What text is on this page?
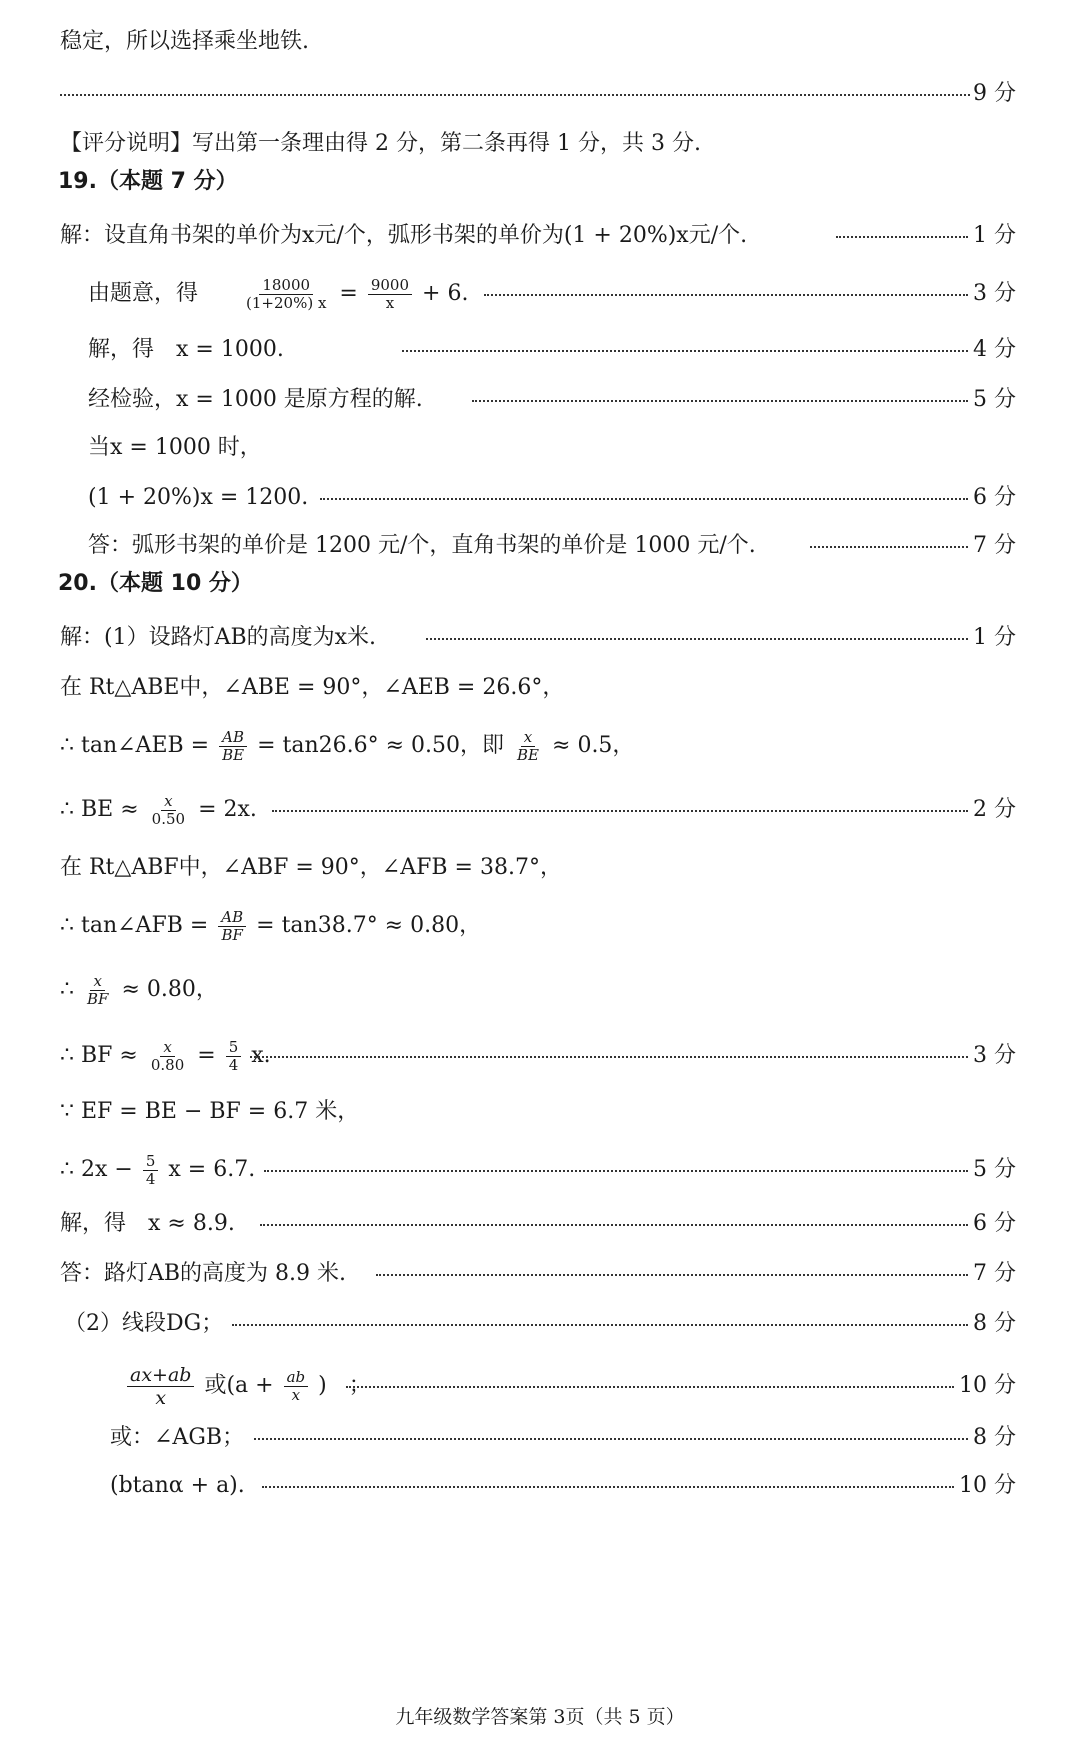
稳定，所以选择乘坐地铁.
9 分
【评分说明】写出第一条理由得 2 分，第二条再得 1 分，共 3 分.
19.（本题 7 分）
解：设直角书架的单价为x元/个，弧形书架的单价为(1 + 20%)x元/个.	1 分
由题意，得	$\frac{18000}{(1+20\%) x} = \frac{9000}{x} + 6$.	3 分
解，得　x = 1000.	4 分
经检验，x = 1000 是原方程的解.	5 分
当x = 1000 时，
(1 + 20%)x = 1200.	6 分
答：弧形书架的单价是 1200 元/个，直角书架的单价是 1000 元/个.	7 分
20.（本题 10 分）
解：(1）设路灯AB的高度为x米.	1 分
在 Rt△ABE中，∠ABE = 90°，∠AEB = 26.6°，
∴ tan∠AEB = $\frac{AB}{BE} = \tan 26.6^\circ \approx 0.50$，即 $\frac{x}{BE} \approx 0.5$，
∴ BE ≈ $\frac{x}{0.50} = 2x$.	2 分
在 Rt△ABF中，∠ABF = 90°，∠AFB = 38.7°，
∴ tan∠AFB = $\frac{AB}{BF} = \tan 38.7^\circ \approx 0.80$，
∴ $\frac{x}{BF} \approx 0.80$，
∴ BF ≈ $\frac{x}{0.80} = \frac{5}{4} x$.	3 分
∵ EF = BE − BF = 6.7 米，
∴ $2x - \frac{5}{4}$ x = 6.7.	5 分
解，得　x ≈ 8.9.	6 分
答：路灯AB的高度为 8.9 米.	7 分
（2）线段DG；	8 分
$\frac{ax+ab}{x}$ 或($a + \frac{ab}{x}$ )　；	10 分
或：∠AGB；	8 分
(btanα + a).	10 分
九年级数学答案第 3页（共 5 页）
